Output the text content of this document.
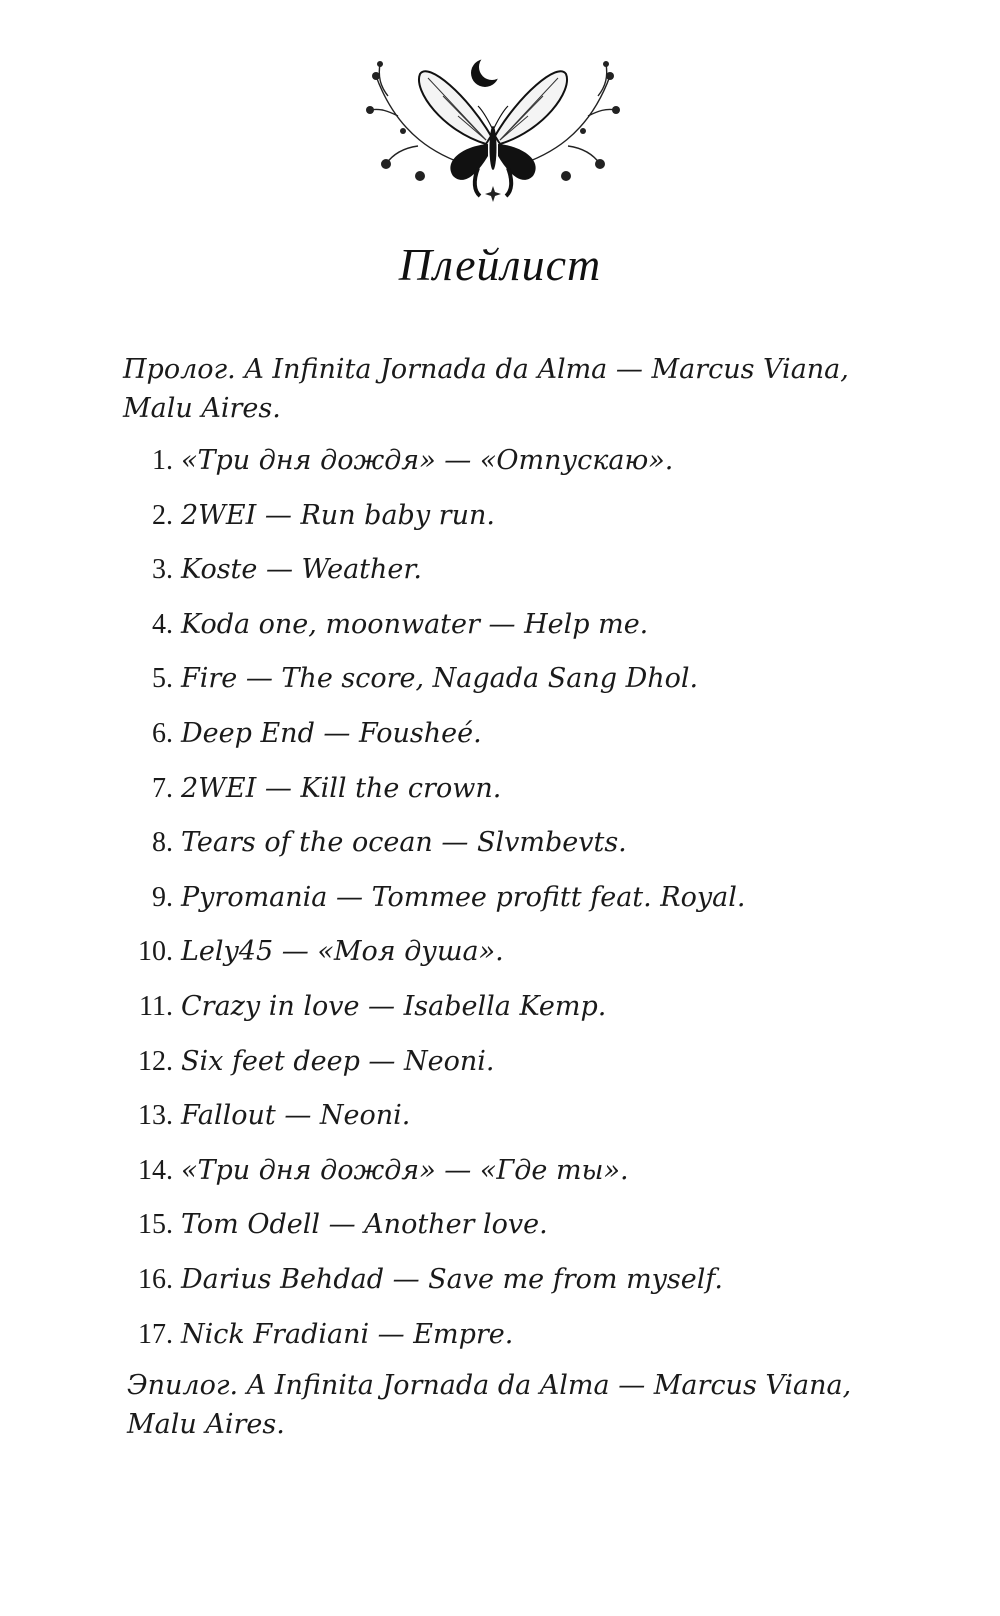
Плейлист

Пролог. A Infinita Jornada da Alma — Marcus Viana, Malu Aires.

1. «Три дня дождя» — «Отпускаю».
2. 2WEI — Run baby run.
3. Koste — Weather.
4. Koda one, moonwater — Help me.
5. Fire — The score, Nagada Sang Dhol.
6. Deep End — Fousheé.
7. 2WEI — Kill the crown.
8. Tears of the ocean — Slvmbevts.
9. Pyromania — Tommee profitt feat. Royal.
10. Lely45 — «Моя душа».
11. Crazy in love — Isabella Kemp.
12. Six feet deep — Neoni.
13. Fallout — Neoni.
14. «Три дня дождя» — «Где ты».
15. Tom Odell — Another love.
16. Darius Behdad — Save me from myself.
17. Nick Fradiani — Empre.

Эпилог. A Infinita Jornada da Alma — Marcus Viana, Malu Aires.
